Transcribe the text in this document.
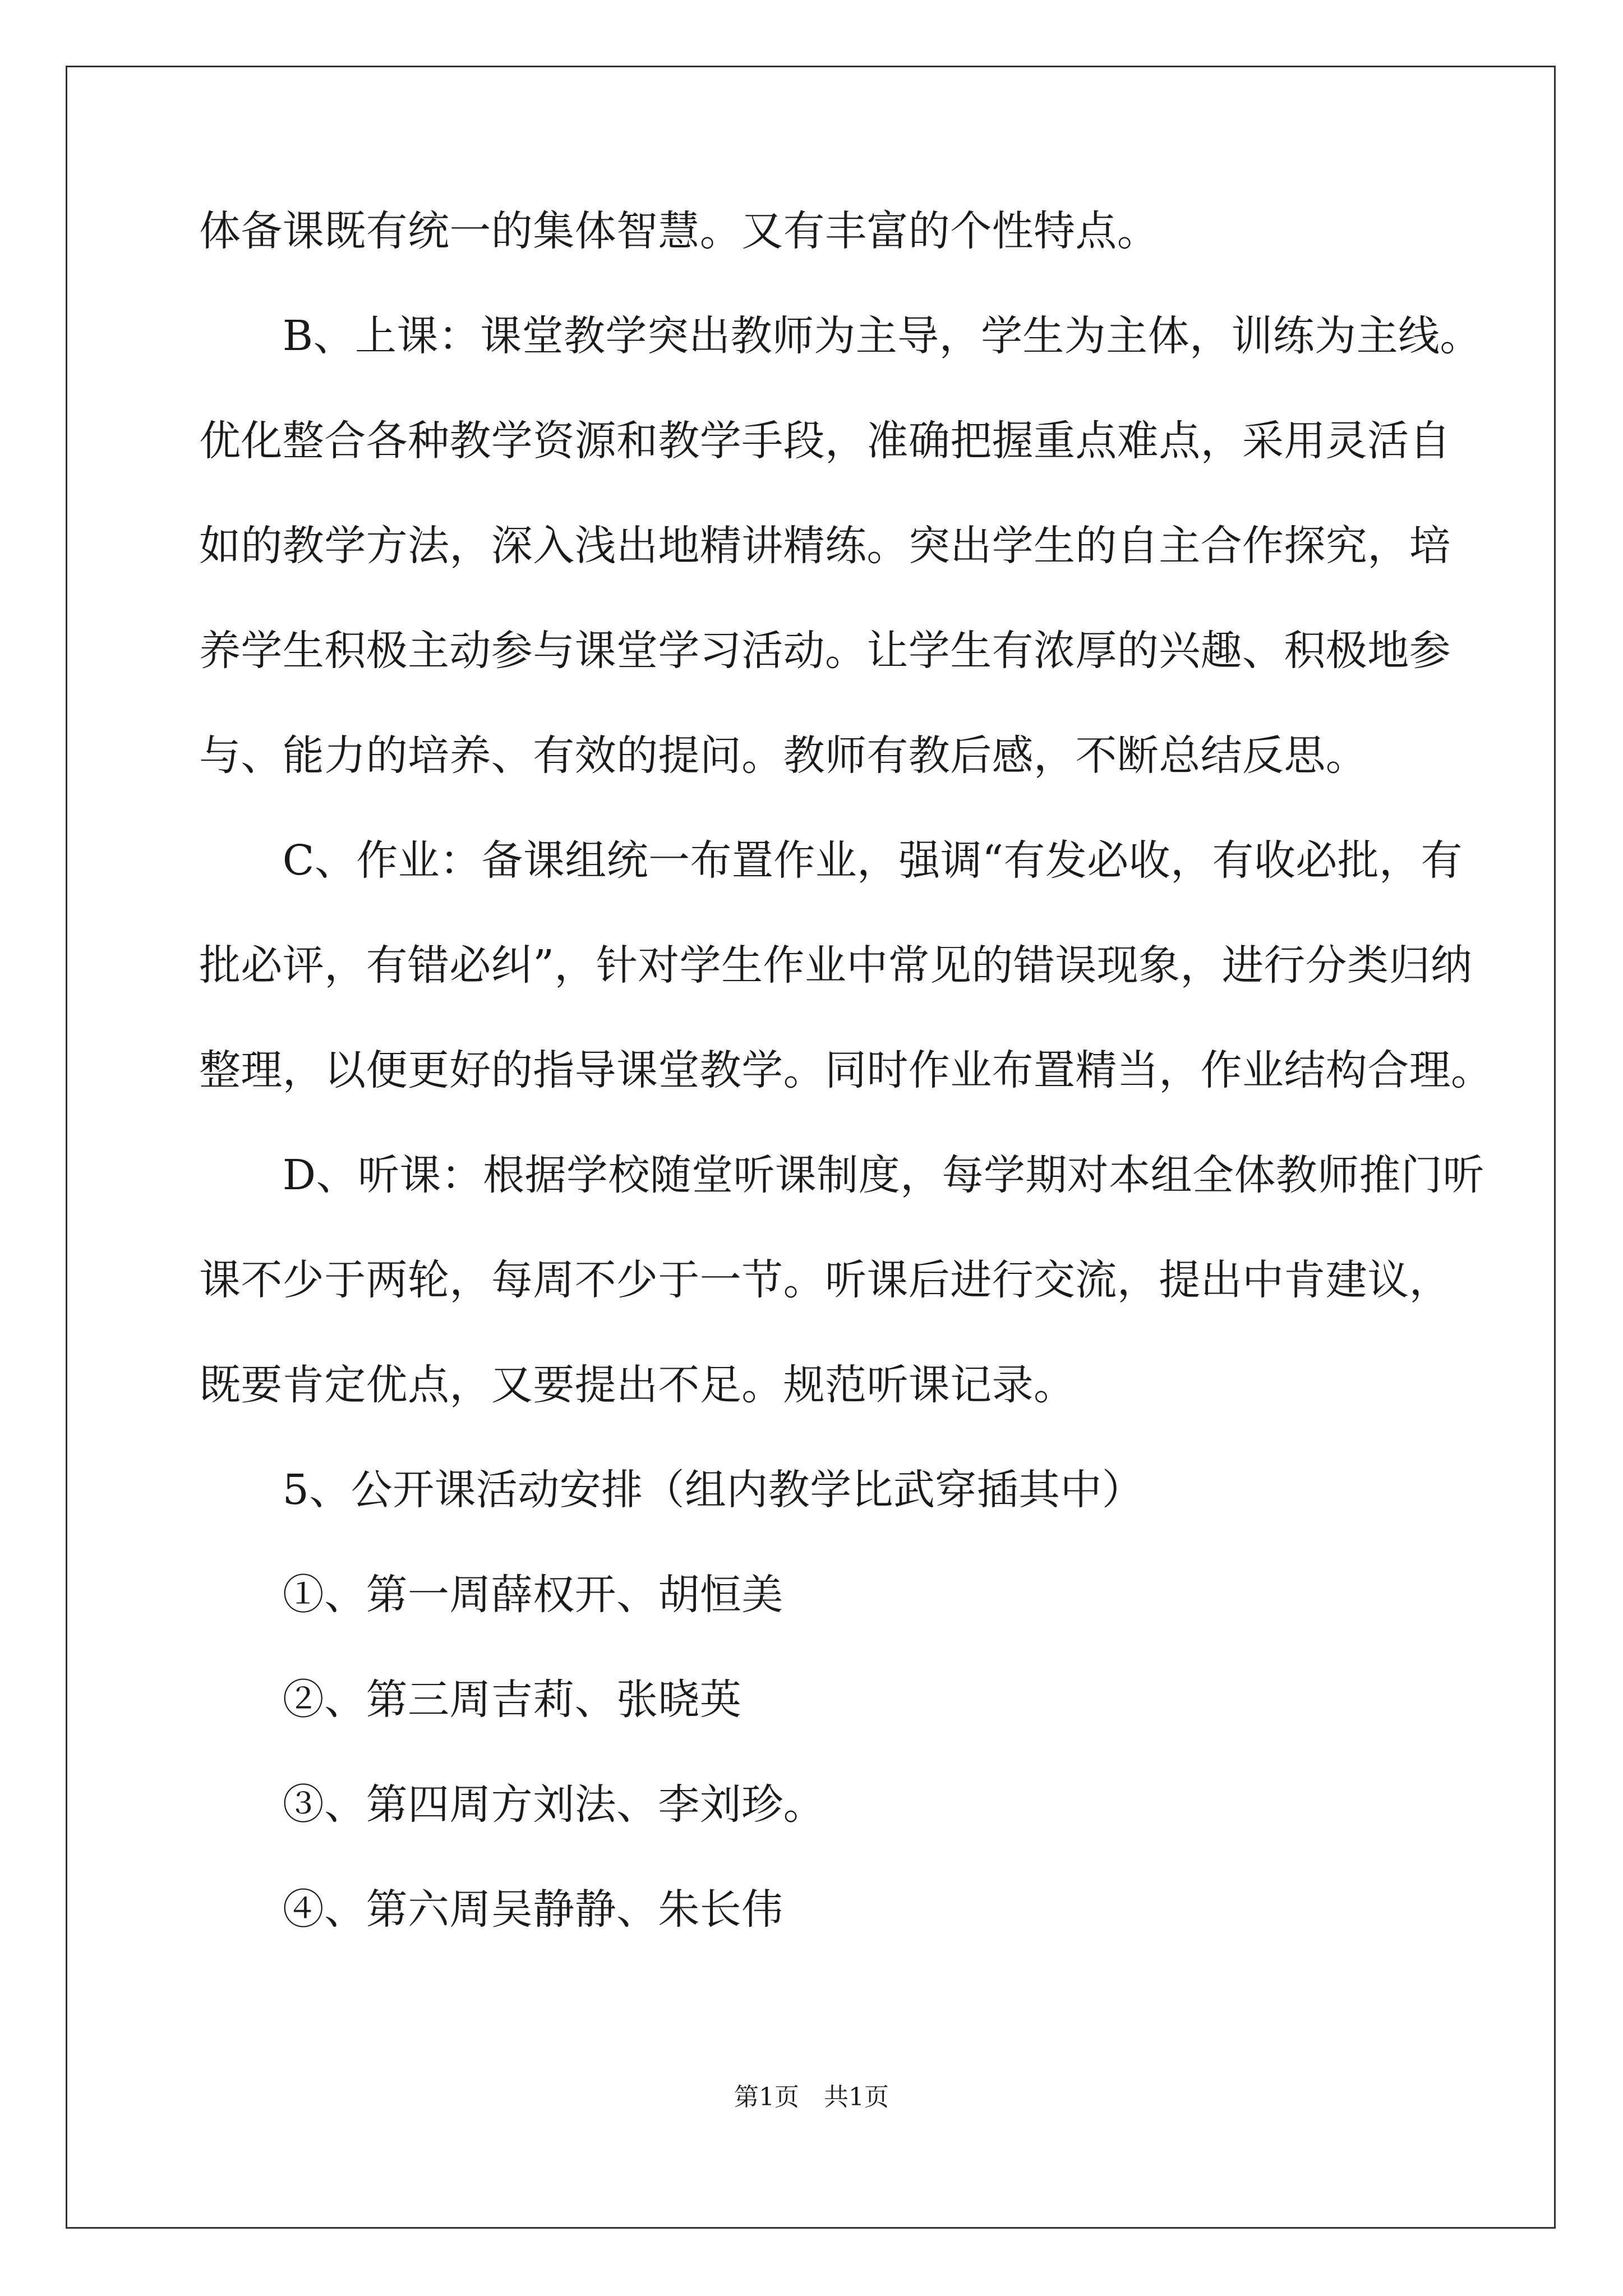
体备课既有统一的集体智慧。又有丰富的个性特点。
　　B、上课：课堂教学突出教师为主导，学生为主体，训练为主线。
优化整合各种教学资源和教学手段，准确把握重点难点，采用灵活自
如的教学方法，深入浅出地精讲精练。突出学生的自主合作探究，培
养学生积极主动参与课堂学习活动。让学生有浓厚的兴趣、积极地参
与、能力的培养、有效的提问。教师有教后感，不断总结反思。
　　C、作业：备课组统一布置作业，强调“有发必收，有收必批，有
批必评，有错必纠”，针对学生作业中常见的错误现象，进行分类归纳
整理，以便更好的指导课堂教学。同时作业布置精当，作业结构合理。
　　D、听课：根据学校随堂听课制度，每学期对本组全体教师推门听
课不少于两轮，每周不少于一节。听课后进行交流，提出中肯建议，
既要肯定优点，又要提出不足。规范听课记录。
　　5、公开课活动安排（组内教学比武穿插其中）
　　①、第一周薛权开、胡恒美
　　②、第三周吉莉、张晓英
　　③、第四周方刘法、李刘珍。
　　④、第六周吴静静、朱长伟
第1页　共1页
